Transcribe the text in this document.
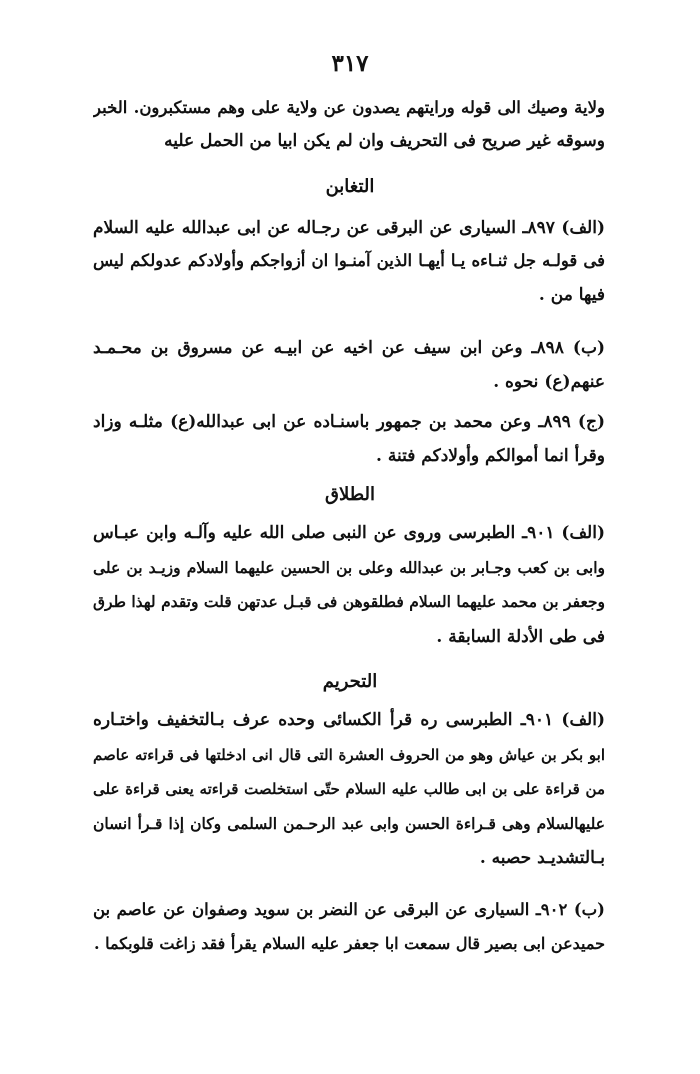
٣١٧
ولاية وصيك الى قوله ورايتهم يصدون عن ولاية على وهم مستكبرون. الخبر
وسوقه غير صريح فى التحريف وان لم يكن ابيا من الحمل عليه
التغابن
(الف) ٨٩٧ـ السيارى عن البرقى عن رجـاله عن ابى عبدالله عليه السلام
فى قولـه جل ثنـاءه يـا أيهـا الذين آمنـوا ان أزواجكم وأولادكم عدولكم ليس
فيها من .
(ب) ٨٩٨ـ وعن ابن سيف عن اخيه عن ابيـه عن مسروق بن محـمـد
عنهم(ع) نحوه .
(ج) ٨٩٩ـ وعن محمد بن جمهور باسنـاده عن ابى عبدالله(ع) مثلـه وزاد
وقرأ انما أموالكم وأولادكم فتنة .
الطلاق
(الف) ٩٠١ـ الطبرسى وروى عن النبى صلى الله عليه وآلـه وابن عبـاس
وابى بن كعب وجـابر بن عبدالله وعلى بن الحسين عليهما السلام وزيـد بن على
وجعفر بن محمد عليهما السلام فطلقوهن فى قبـل عدتهن قلت وتقدم لهذا طرق
فى طى الأدلة السابقة .
التحريم
(الف) ٩٠١ـ الطبرسى ره قرأ الكسائى وحده عرف بـالتخفيف واختـاره
ابو بكر بن عياش وهو من الحروف العشرة التى قال انى ادخلتها فى قراءته عاصم
من قراءة على بن ابى طالب عليه السلام حتّى استخلصت قراءته يعنى قراءة على
عليهالسلام وهى قـراءة الحسن وابى عبد الرحـمن السلمى وكان إذا قـرأ انسان
بـالتشديـد حصبه .
(ب) ٩٠٢ـ السيارى عن البرقى عن النضر بن سويد وصفوان عن عاصم بن
حميدعن ابى بصير قال سمعت ابا جعفر عليه السلام يقرأ فقد زاغت قلوبكما .
